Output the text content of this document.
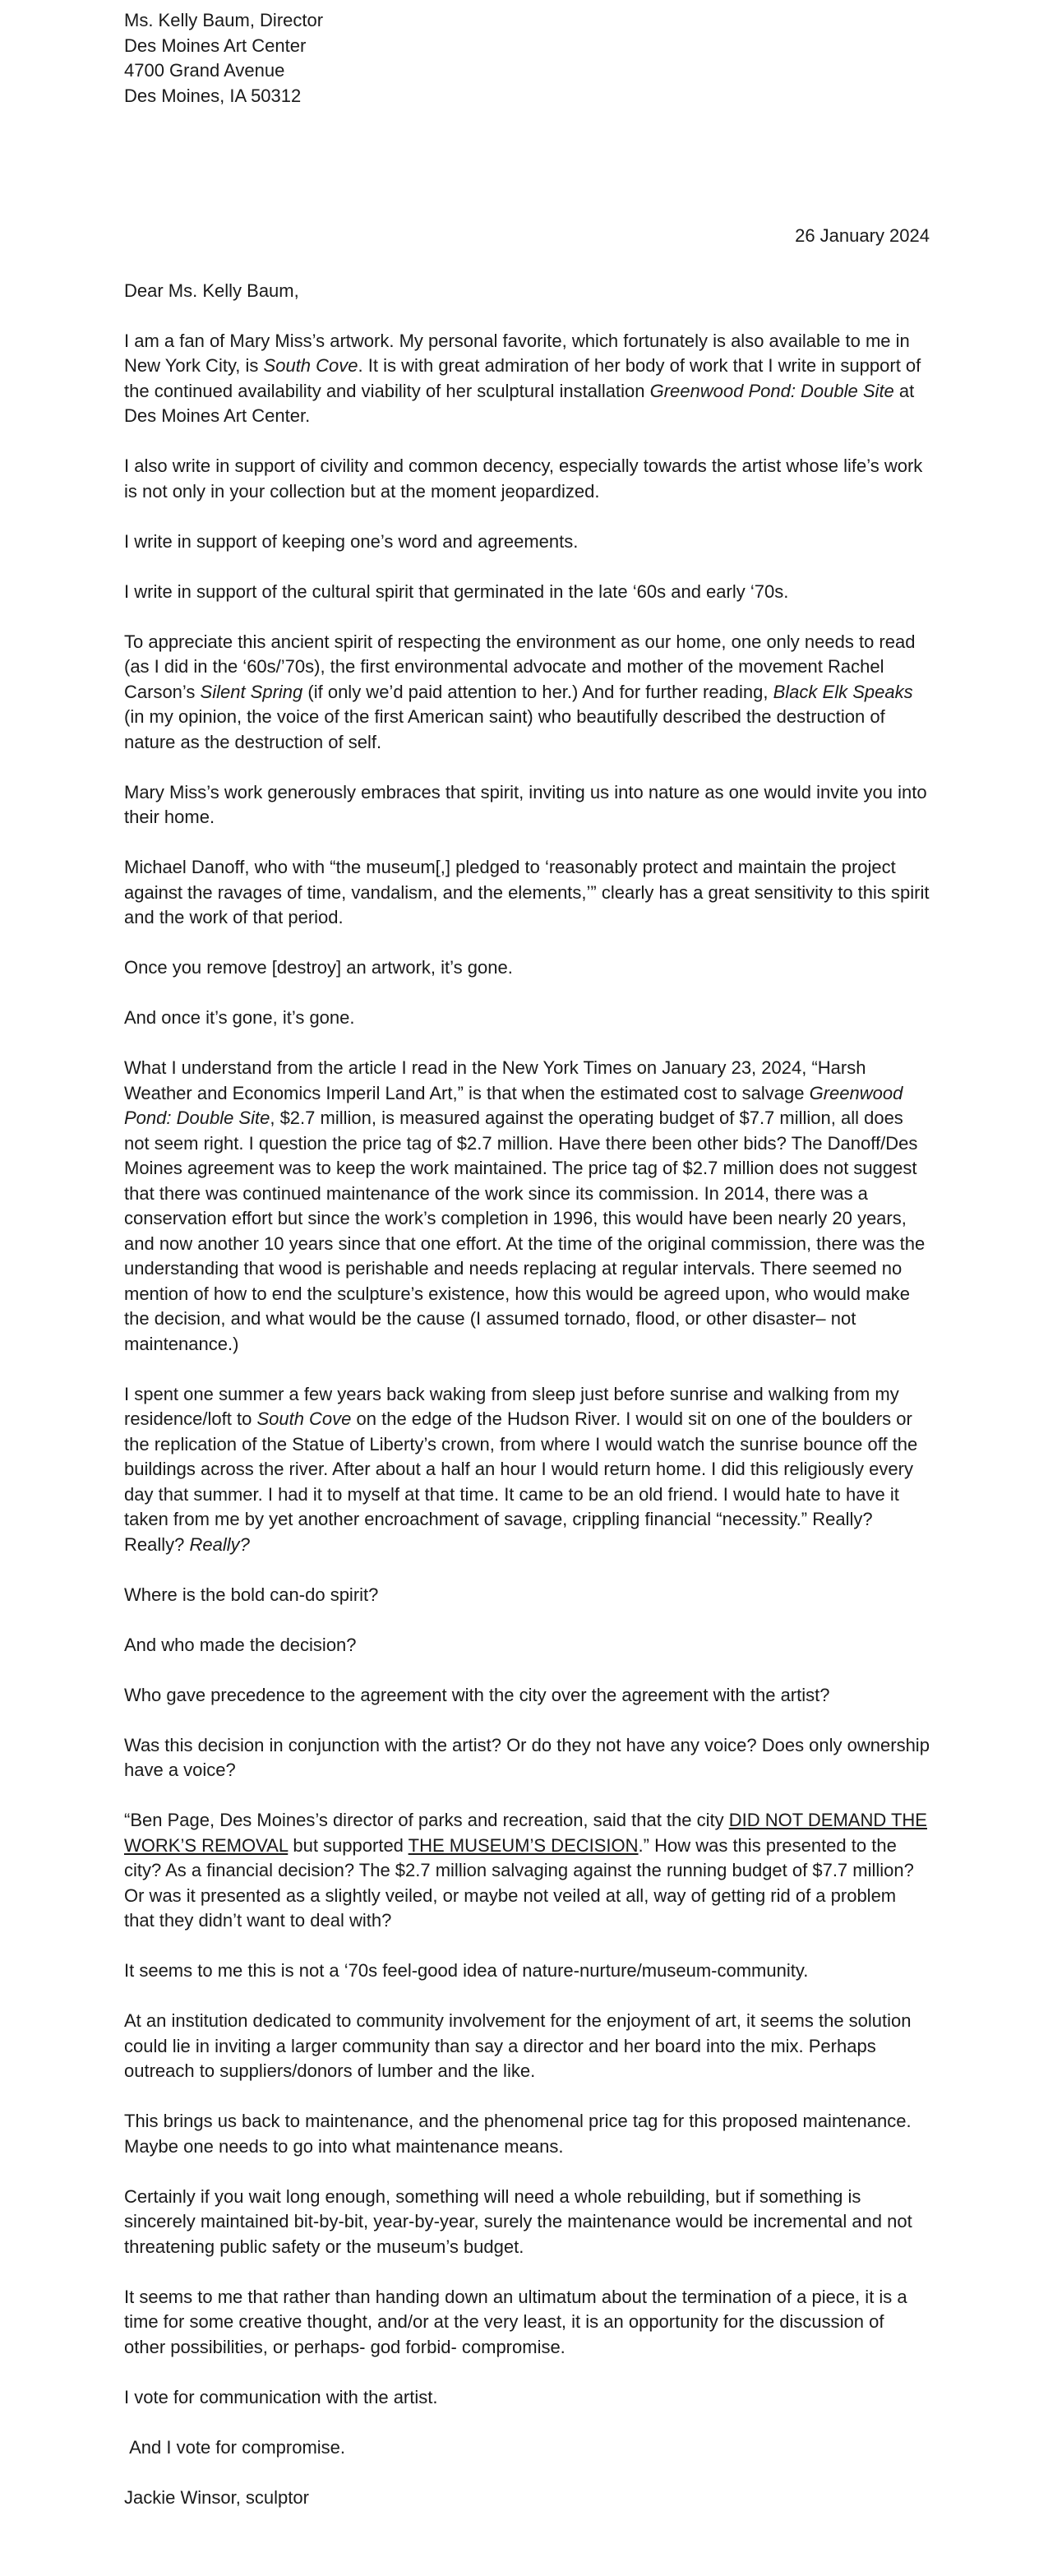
Ms. Kelly Baum, Director
Des Moines Art Center
4700 Grand Avenue
Des Moines, IA 50312
26 January 2024

Dear Ms. Kelly Baum,

I am a fan of Mary Miss’s artwork. My personal favorite, which fortunately is also available to me in New York City, is South Cove. It is with great admiration of her body of work that I write in support of the continued availability and viability of her sculptural installation Greenwood Pond: Double Site at Des Moines Art Center.

I also write in support of civility and common decency, especially towards the artist whose life’s work is not only in your collection but at the moment jeopardized.

I write in support of keeping one’s word and agreements.

I write in support of the cultural spirit that germinated in the late ‘60s and early ‘70s.

To appreciate this ancient spirit of respecting the environment as our home, one only needs to read (as I did in the ‘60s/’70s), the first environmental advocate and mother of the movement Rachel Carson’s Silent Spring (if only we’d paid attention to her.) And for further reading, Black Elk Speaks (in my opinion, the voice of the first American saint) who beautifully described the destruction of nature as the destruction of self.

Mary Miss’s work generously embraces that spirit, inviting us into nature as one would invite you into their home.

Michael Danoff, who with “the museum[,] pledged to ‘reasonably protect and maintain the project against the ravages of time, vandalism, and the elements,’” clearly has a great sensitivity to this spirit and the work of that period.

Once you remove [destroy] an artwork, it’s gone.

And once it’s gone, it’s gone.

What I understand from the article I read in the New York Times on January 23, 2024, “Harsh Weather and Economics Imperil Land Art,” is that when the estimated cost to salvage Greenwood Pond: Double Site, $2.7 million, is measured against the operating budget of $7.7 million, all does not seem right. I question the price tag of $2.7 million. Have there been other bids? The Danoff/Des Moines agreement was to keep the work maintained. The price tag of $2.7 million does not suggest that there was continued maintenance of the work since its commission. In 2014, there was a conservation effort but since the work’s completion in 1996, this would have been nearly 20 years, and now another 10 years since that one effort. At the time of the original commission, there was the understanding that wood is perishable and needs replacing at regular intervals. There seemed no mention of how to end the sculpture’s existence, how this would be agreed upon, who would make the decision, and what would be the cause (I assumed tornado, flood, or other disaster– not maintenance.)

I spent one summer a few years back waking from sleep just before sunrise and walking from my residence/loft to South Cove on the edge of the Hudson River. I would sit on one of the boulders or the replication of the Statue of Liberty’s crown, from where I would watch the sunrise bounce off the buildings across the river. After about a half an hour I would return home. I did this religiously every day that summer. I had it to myself at that time. It came to be an old friend. I would hate to have it taken from me by yet another encroachment of savage, crippling financial “necessity.” Really? Really? Really?

Where is the bold can-do spirit?

And who made the decision?

Who gave precedence to the agreement with the city over the agreement with the artist?

Was this decision in conjunction with the artist? Or do they not have any voice? Does only ownership have a voice?

“Ben Page, Des Moines’s director of parks and recreation, said that the city DID NOT DEMAND THE WORK’S REMOVAL but supported THE MUSEUM’S DECISION.” How was this presented to the city? As a financial decision? The $2.7 million salvaging against the running budget of $7.7 million? Or was it presented as a slightly veiled, or maybe not veiled at all, way of getting rid of a problem that they didn’t want to deal with?

It seems to me this is not a ‘70s feel-good idea of nature-nurture/museum-community.

At an institution dedicated to community involvement for the enjoyment of art, it seems the solution could lie in inviting a larger community than say a director and her board into the mix. Perhaps outreach to suppliers/donors of lumber and the like.

This brings us back to maintenance, and the phenomenal price tag for this proposed maintenance. Maybe one needs to go into what maintenance means.

Certainly if you wait long enough, something will need a whole rebuilding, but if something is sincerely maintained bit-by-bit, year-by-year, surely the maintenance would be incremental and not threatening public safety or the museum’s budget.

It seems to me that rather than handing down an ultimatum about the termination of a piece, it is a time for some creative thought, and/or at the very least, it is an opportunity for the discussion of other possibilities, or perhaps- god forbid- compromise.

I vote for communication with the artist.

And I vote for compromise.

Jackie Winsor, sculptor
